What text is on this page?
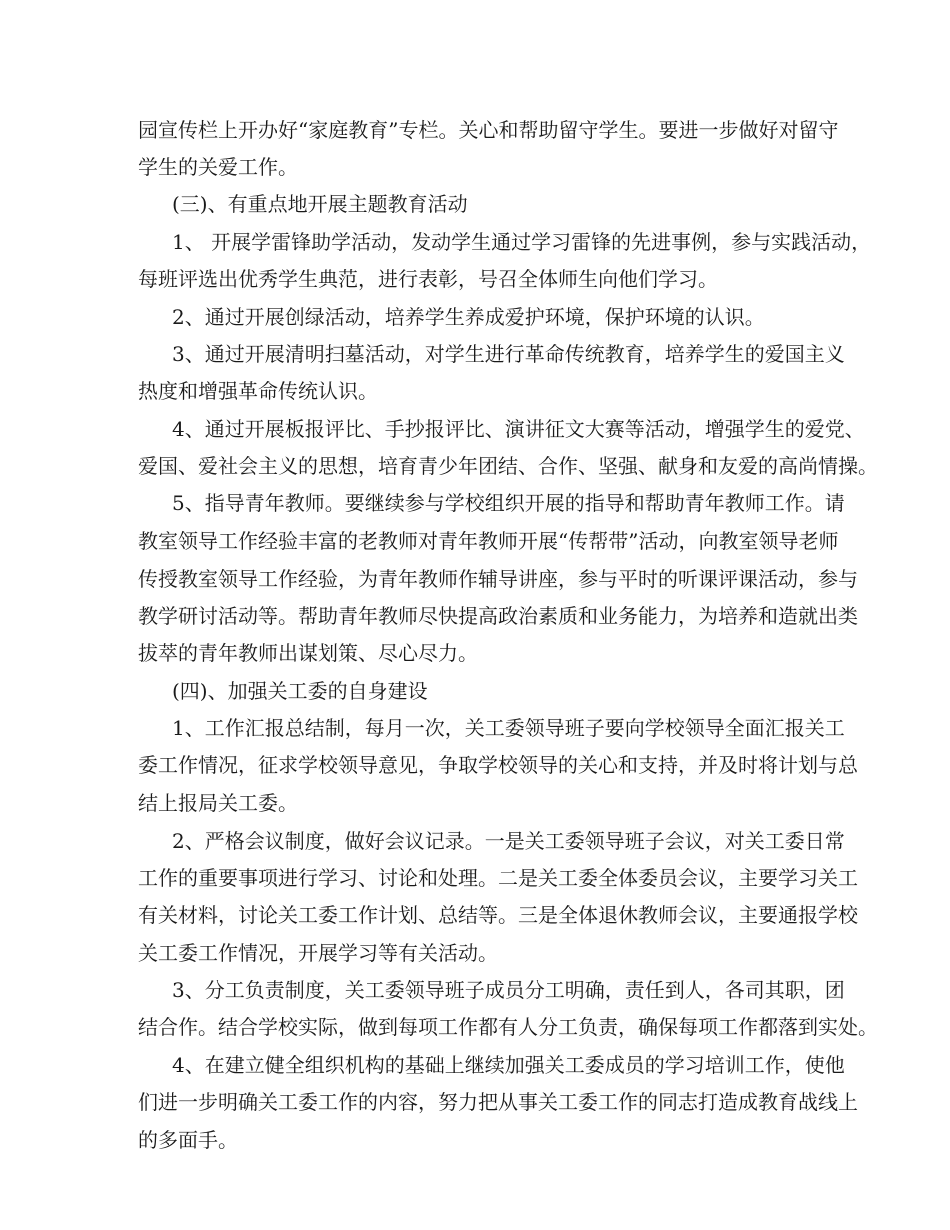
园宣传栏上开办好“家庭教育”专栏。关心和帮助留守学生。要进一步做好对留守
学生的关爱工作。
(三)、有重点地开展主题教育活动
1、 开展学雷锋助学活动，发动学生通过学习雷锋的先进事例，参与实践活动，
每班评选出优秀学生典范，进行表彰，号召全体师生向他们学习。
2、通过开展创绿活动，培养学生养成爱护环境，保护环境的认识。
3、通过开展清明扫墓活动，对学生进行革命传统教育，培养学生的爱国主义
热度和增强革命传统认识。
4、通过开展板报评比、手抄报评比、演讲征文大赛等活动，增强学生的爱党、
爱国、爱社会主义的思想，培育青少年团结、合作、坚强、献身和友爱的高尚情操。
5、指导青年教师。要继续参与学校组织开展的指导和帮助青年教师工作。请
教室领导工作经验丰富的老教师对青年教师开展“传帮带”活动，向教室领导老师
传授教室领导工作经验，为青年教师作辅导讲座，参与平时的听课评课活动，参与
教学研讨活动等。帮助青年教师尽快提高政治素质和业务能力，为培养和造就出类
拔萃的青年教师出谋划策、尽心尽力。
(四)、加强关工委的自身建设
1、工作汇报总结制，每月一次，关工委领导班子要向学校领导全面汇报关工
委工作情况，征求学校领导意见，争取学校领导的关心和支持，并及时将计划与总
结上报局关工委。
2、严格会议制度，做好会议记录。一是关工委领导班子会议，对关工委日常
工作的重要事项进行学习、讨论和处理。二是关工委全体委员会议，主要学习关工
有关材料，讨论关工委工作计划、总结等。三是全体退休教师会议，主要通报学校
关工委工作情况，开展学习等有关活动。
3、分工负责制度，关工委领导班子成员分工明确，责任到人，各司其职，团
结合作。结合学校实际，做到每项工作都有人分工负责，确保每项工作都落到实处。
4、在建立健全组织机构的基础上继续加强关工委成员的学习培训工作，使他
们进一步明确关工委工作的内容，努力把从事关工委工作的同志打造成教育战线上
的多面手。
